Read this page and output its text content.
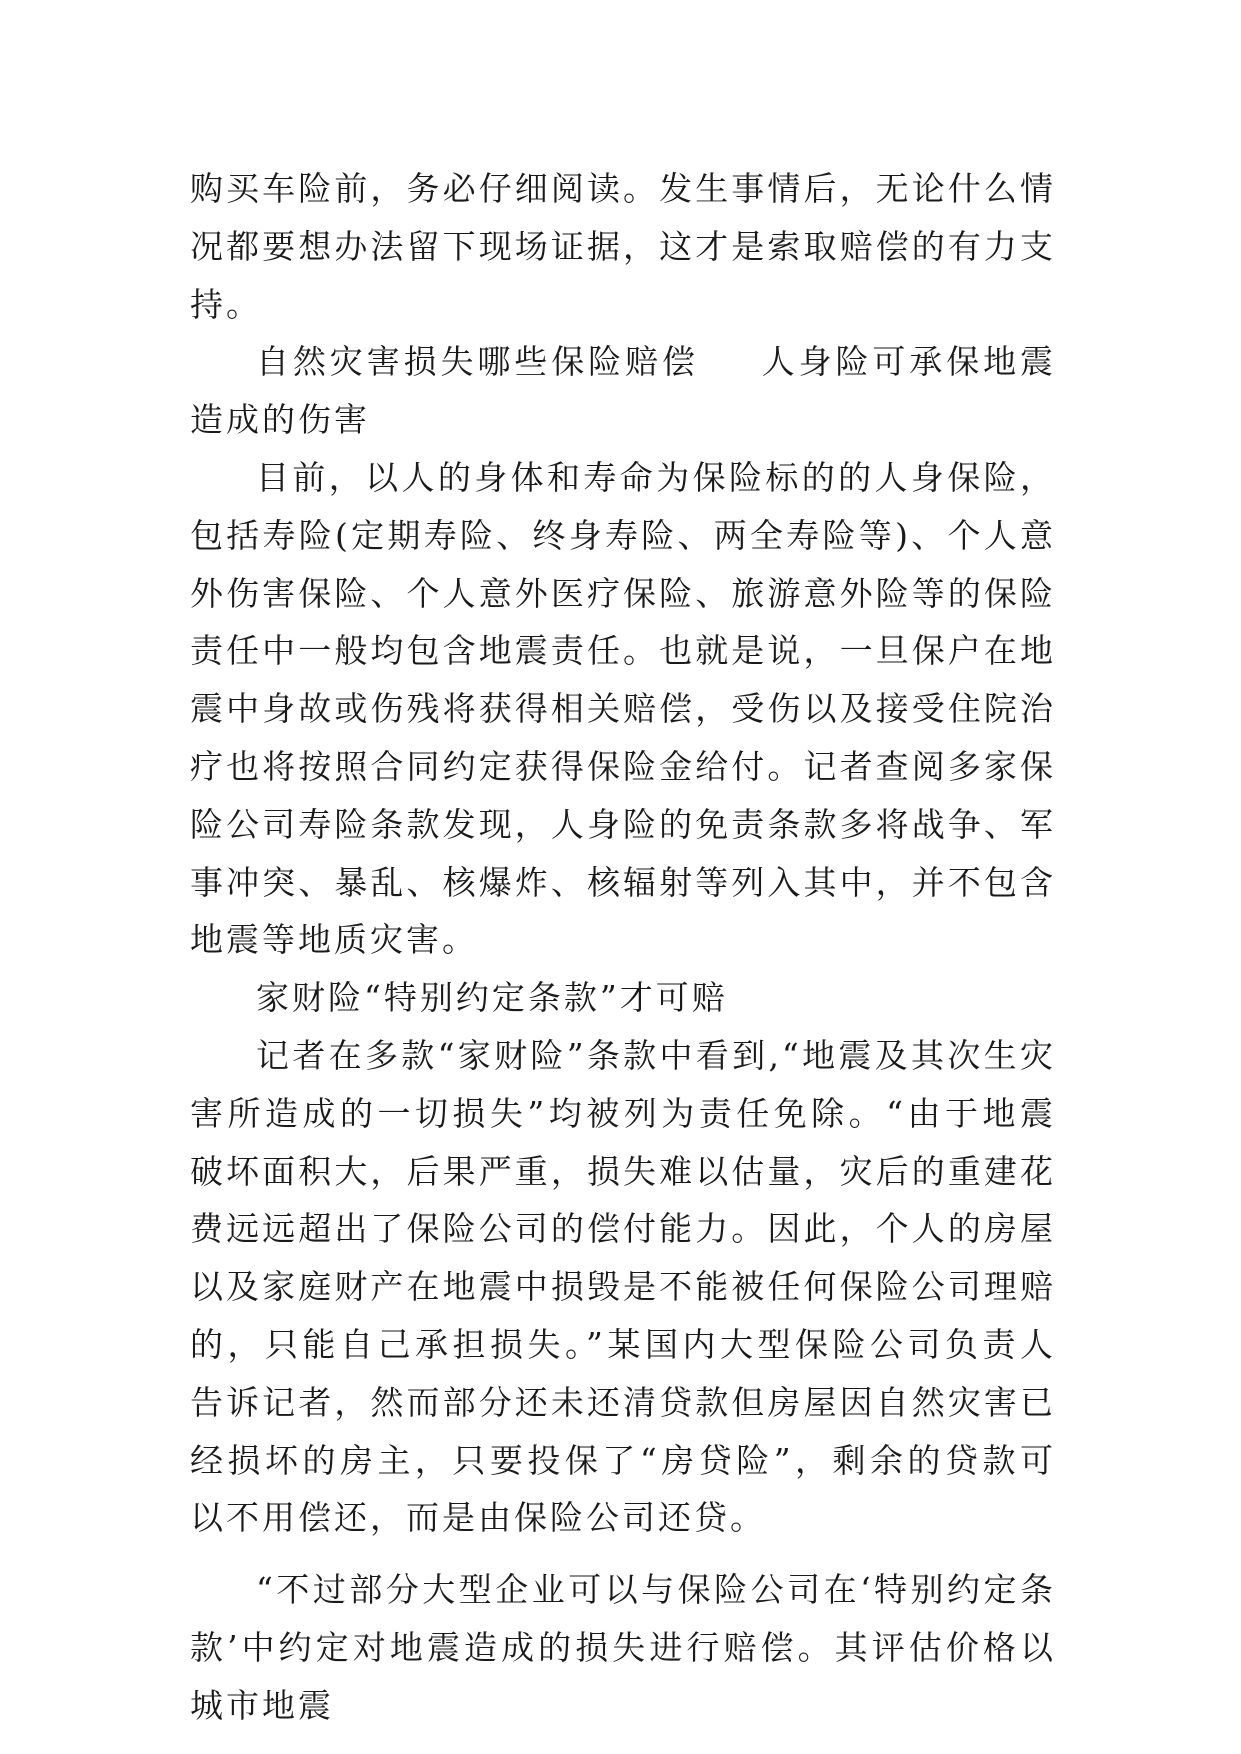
购买车险前，务必仔细阅读。发生事情后，无论什么情况都要想办法留下现场证据，这才是索取赔偿的有力支持。

自然灾害损失哪些保险赔偿 人身险可承保地震造成的伤害

目前，以人的身体和寿命为保险标的的人身保险，包括寿险(定期寿险、终身寿险、两全寿险等)、个人意外伤害保险、个人意外医疗保险、旅游意外险等的保险责任中一般均包含地震责任。也就是说，一旦保户在地震中身故或伤残将获得相关赔偿，受伤以及接受住院治疗也将按照合同约定获得保险金给付。记者查阅多家保险公司寿险条款发现，人身险的免责条款多将战争、军事冲突、暴乱、核爆炸、核辐射等列入其中，并不包含地震等地质灾害。

家财险“特别约定条款”才可赔

记者在多款“家财险”条款中看到,“地震及其次生灾害所造成的一切损失”均被列为责任免除。“由于地震破坏面积大，后果严重，损失难以估量，灾后的重建花费远远超出了保险公司的偿付能力。因此，个人的房屋以及家庭财产在地震中损毁是不能被任何保险公司理赔的，只能自己承担损失。”某国内大型保险公司负责人告诉记者，然而部分还未还清贷款但房屋因自然灾害已经损坏的房主，只要投保了“房贷险”，剩余的贷款可以不用偿还，而是由保险公司还贷。

“不过部分大型企业可以与保险公司在‘特别约定条款’中约定对地震造成的损失进行赔偿。其评估价格以城市地震
